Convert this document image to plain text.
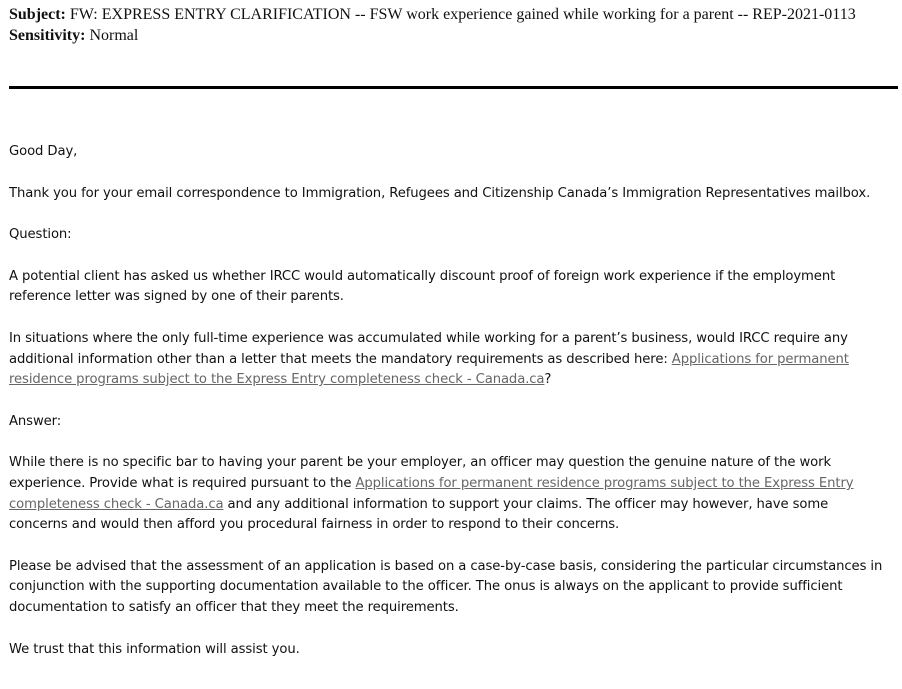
Subject: FW: EXPRESS ENTRY CLARIFICATION -- FSW work experience gained while working for a parent -- REP-2021-0113
Sensitivity: Normal

Good Day,

Thank you for your email correspondence to Immigration, Refugees and Citizenship Canada’s Immigration Representatives mailbox.

Question:

A potential client has asked us whether IRCC would automatically discount proof of foreign work experience if the employment reference letter was signed by one of their parents.

In situations where the only full-time experience was accumulated while working for a parent’s business, would IRCC require any additional information other than a letter that meets the mandatory requirements as described here: Applications for permanent residence programs subject to the Express Entry completeness check - Canada.ca?

Answer:

While there is no specific bar to having your parent be your employer, an officer may question the genuine nature of the work experience. Provide what is required pursuant to the Applications for permanent residence programs subject to the Express Entry completeness check - Canada.ca and any additional information to support your claims. The officer may however, have some concerns and would then afford you procedural fairness in order to respond to their concerns.

Please be advised that the assessment of an application is based on a case-by-case basis, considering the particular circumstances in conjunction with the supporting documentation available to the officer. The onus is always on the applicant to provide sufficient documentation to satisfy an officer that they meet the requirements.

We trust that this information will assist you.
